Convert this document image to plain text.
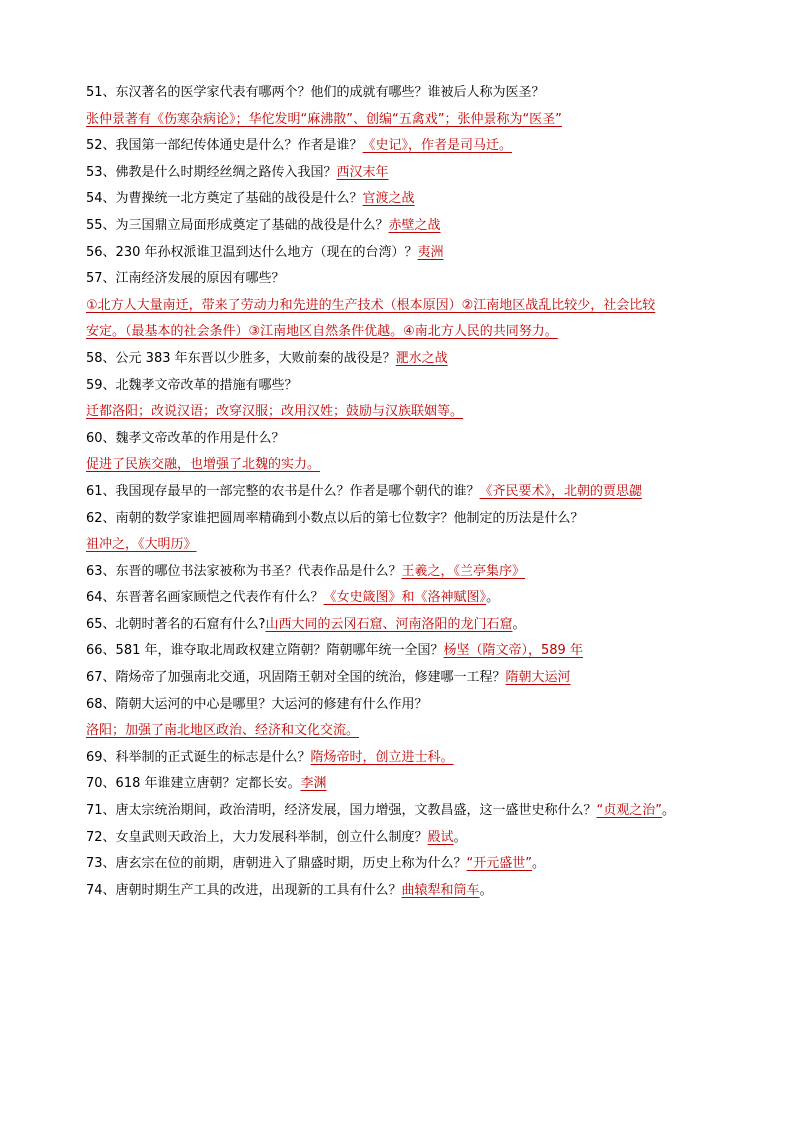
51、东汉著名的医学家代表有哪两个？他们的成就有哪些？谁被后人称为医圣？
张仲景著有《伤寒杂病论》；华佗发明“麻沸散”、创编“五禽戏”；张仲景称为“医圣”
52、我国第一部纪传体通史是什么？作者是谁？《史记》，作者是司马迁。
53、佛教是什么时期经丝绸之路传入我国？西汉末年
54、为曹操统一北方奠定了基础的战役是什么？官渡之战
55、为三国鼎立局面形成奠定了基础的战役是什么？赤壁之战
56、230 年孙权派谁卫温到达什么地方（现在的台湾）？夷洲
57、江南经济发展的原因有哪些？
①北方人大量南迁，带来了劳动力和先进的生产技术（根本原因）②江南地区战乱比较少，社会比较
安定。（最基本的社会条件）③江南地区自然条件优越。④南北方人民的共同努力。
58、公元 383 年东晋以少胜多，大败前秦的战役是？淝水之战
59、北魏孝文帝改革的措施有哪些？
迁都洛阳；改说汉语；改穿汉服；改用汉姓；鼓励与汉族联姻等。
60、魏孝文帝改革的作用是什么？
促进了民族交融，也增强了北魏的实力。
61、我国现存最早的一部完整的农书是什么？作者是哪个朝代的谁？《齐民要术》，北朝的贾思勰
62、南朝的数学家谁把圆周率精确到小数点以后的第七位数字？他制定的历法是什么？
祖冲之，《大明历》
63、东晋的哪位书法家被称为书圣？代表作品是什么？王羲之，《兰亭集序》
64、东晋著名画家顾恺之代表作有什么？《女史箴图》和《洛神赋图》。
65、北朝时著名的石窟有什么?山西大同的云冈石窟、河南洛阳的龙门石窟。
66、581 年，谁夺取北周政权建立隋朝？隋朝哪年统一全国？杨坚（隋文帝），589 年
67、隋炀帝了加强南北交通，巩固隋王朝对全国的统治，修建哪一工程？隋朝大运河
68、隋朝大运河的中心是哪里？大运河的修建有什么作用？
洛阳；加强了南北地区政治、经济和文化交流。
69、科举制的正式诞生的标志是什么？隋炀帝时，创立进士科。
70、618 年谁建立唐朝？定都长安。李渊
71、唐太宗统治期间，政治清明，经济发展，国力增强，文教昌盛，这一盛世史称什么？“贞观之治”。
72、女皇武则天政治上，大力发展科举制，创立什么制度？殿试。
73、唐玄宗在位的前期，唐朝进入了鼎盛时期，历史上称为什么？“开元盛世”。
74、唐朝时期生产工具的改进，出现新的工具有什么？曲辕犁和筒车。
